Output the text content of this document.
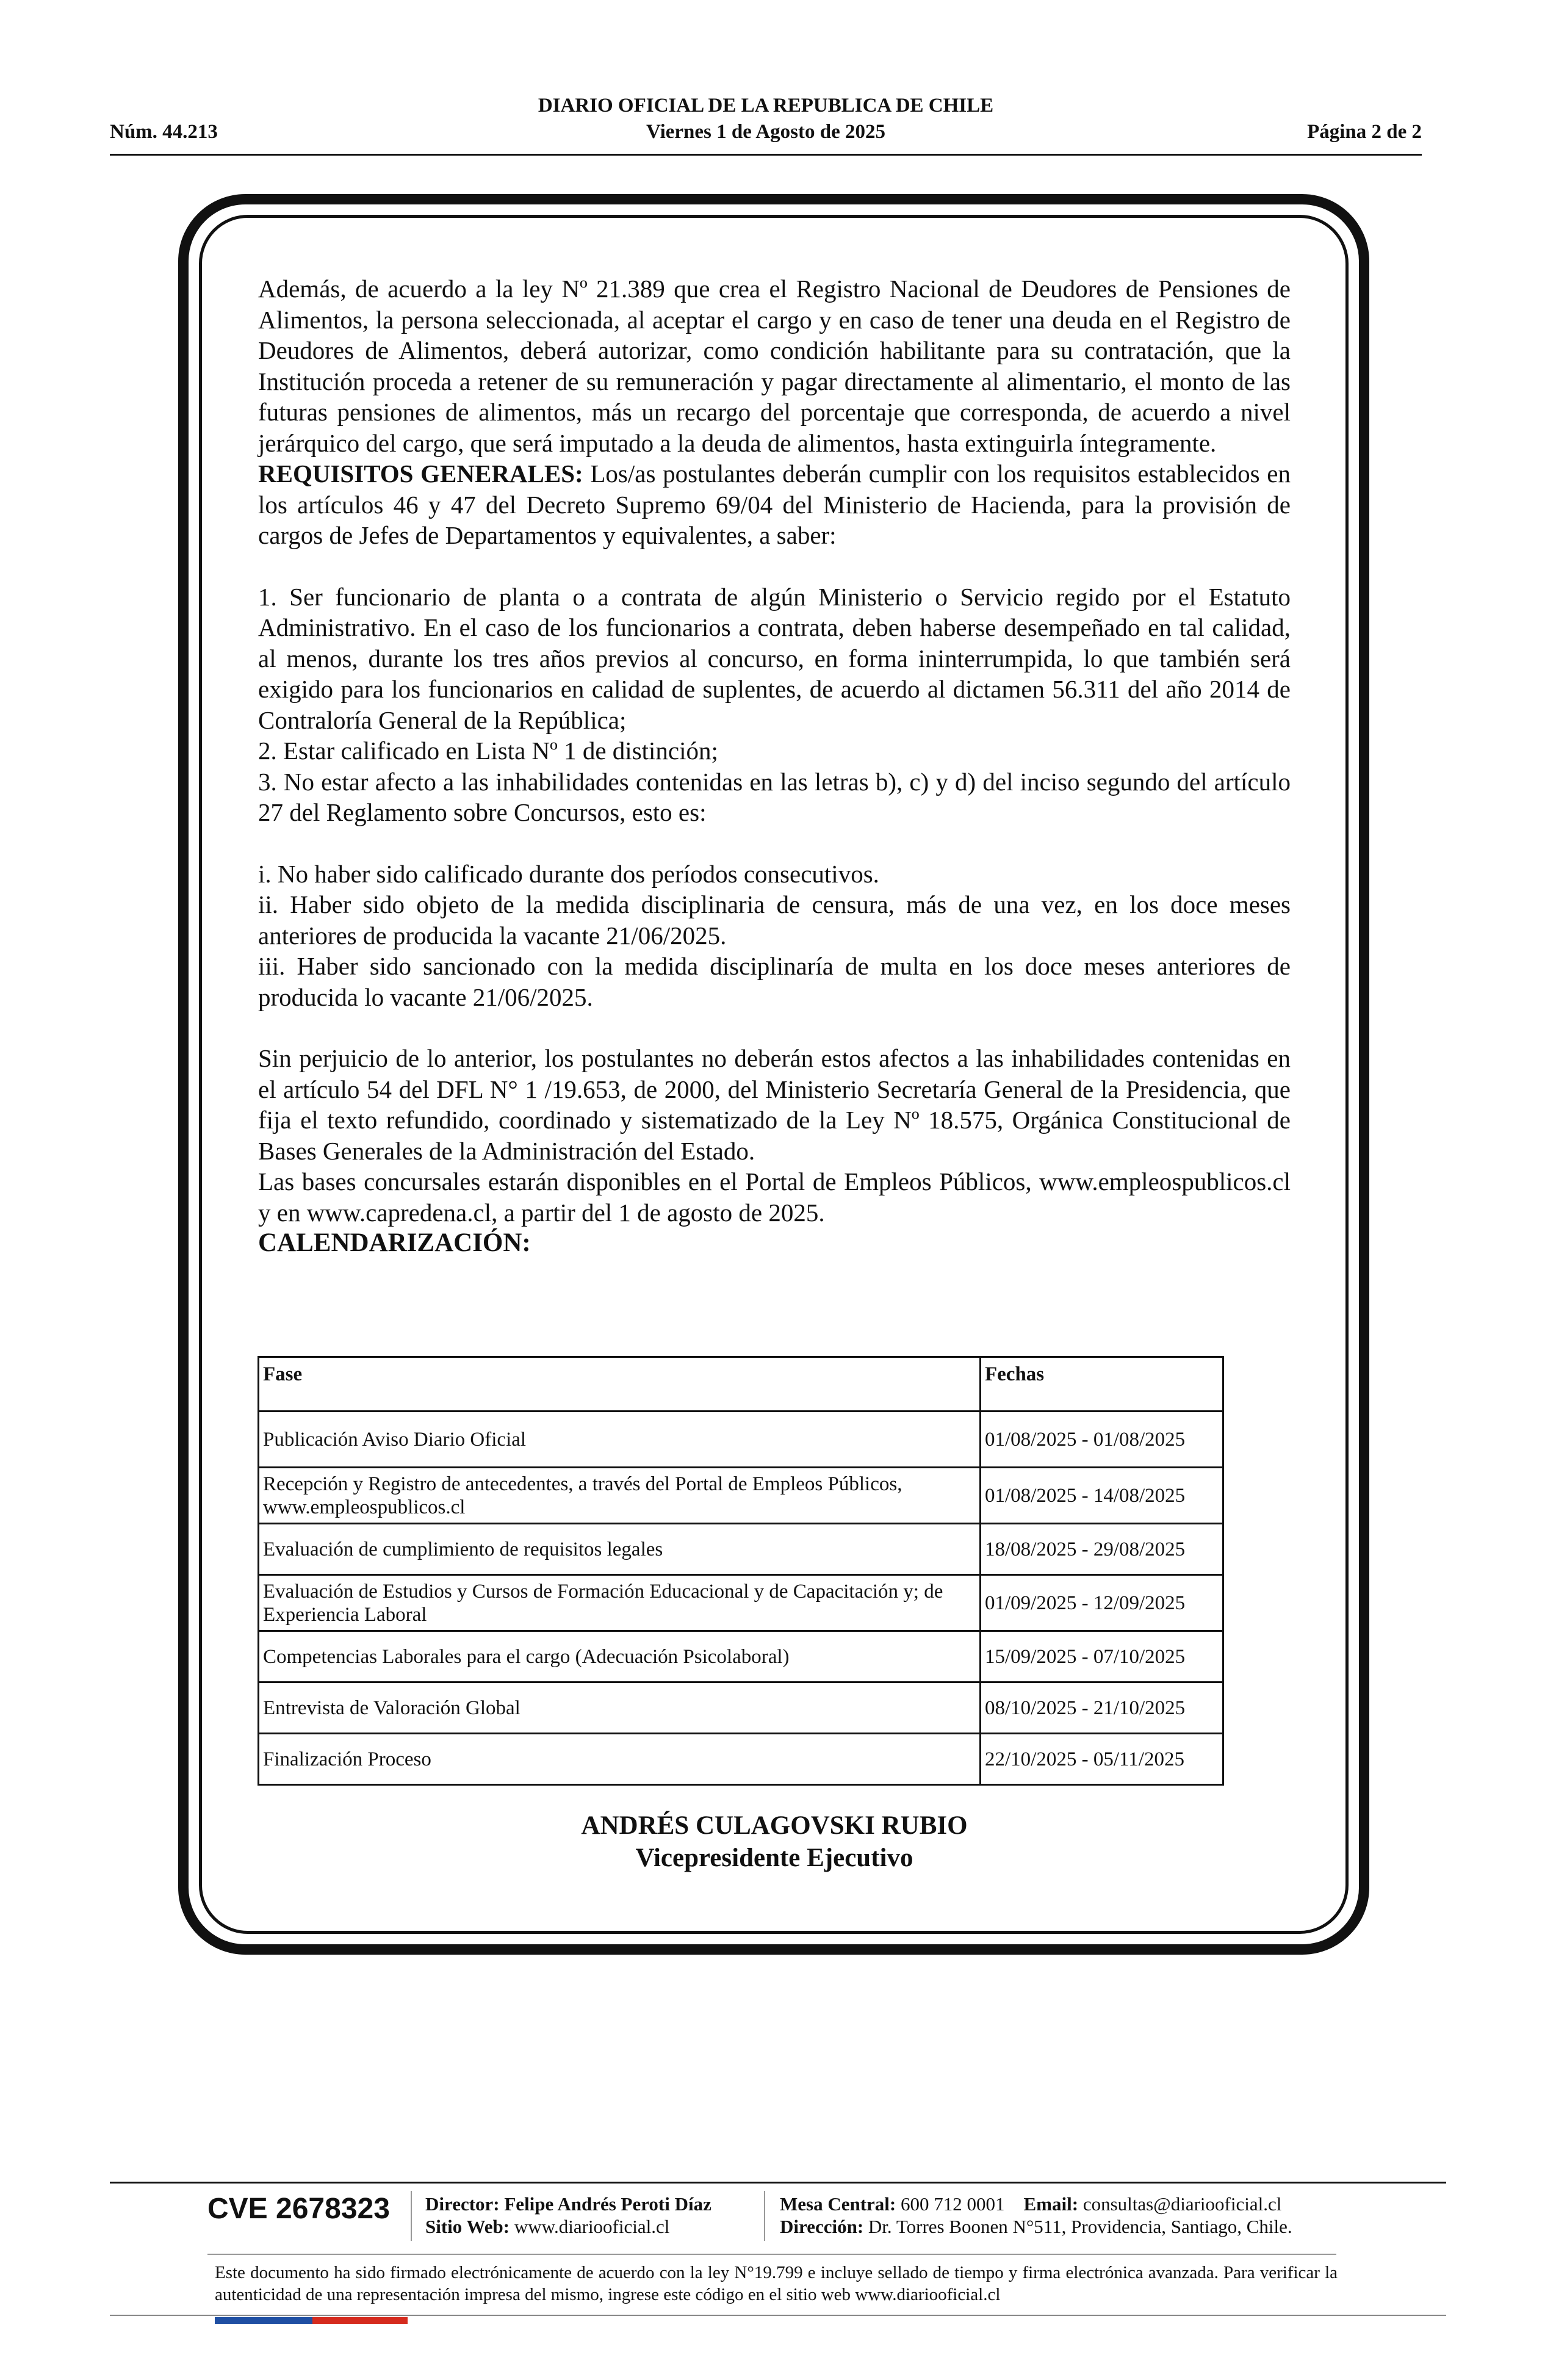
DIARIO OFICIAL DE LA REPUBLICA DE CHILE
Núm. 44.213	Viernes 1 de Agosto de 2025	Página 2 de 2

Además, de acuerdo a la ley Nº 21.389 que crea el Registro Nacional de Deudores de Pensiones de Alimentos, la persona seleccionada, al aceptar el cargo y en caso de tener una deuda en el Registro de Deudores de Alimentos, deberá autorizar, como condición habilitante para su contratación, que la Institución proceda a retener de su remuneración y pagar directamente al alimentario, el monto de las futuras pensiones de alimentos, más un recargo del porcentaje que corresponda, de acuerdo a nivel jerárquico del cargo, que será imputado a la deuda de alimentos, hasta extinguirla íntegramente.

REQUISITOS GENERALES: Los/as postulantes deberán cumplir con los requisitos establecidos en los artículos 46 y 47 del Decreto Supremo 69/04 del Ministerio de Hacienda, para la provisión de cargos de Jefes de Departamentos y equivalentes, a saber:

1. Ser funcionario de planta o a contrata de algún Ministerio o Servicio regido por el Estatuto Administrativo. En el caso de los funcionarios a contrata, deben haberse desempeñado en tal calidad, al menos, durante los tres años previos al concurso, en forma ininterrumpida, lo que también será exigido para los funcionarios en calidad de suplentes, de acuerdo al dictamen 56.311 del año 2014 de Contraloría General de la República;

2. Estar calificado en Lista Nº 1 de distinción;

3. No estar afecto a las inhabilidades contenidas en las letras b), c) y d) del inciso segundo del artículo 27 del Reglamento sobre Concursos, esto es:

i. No haber sido calificado durante dos períodos consecutivos.

ii. Haber sido objeto de la medida disciplinaria de censura, más de una vez, en los doce meses anteriores de producida la vacante 21/06/2025.

iii. Haber sido sancionado con la medida disciplinaría de multa en los doce meses anteriores de producida lo vacante 21/06/2025.

Sin perjuicio de lo anterior, los postulantes no deberán estos afectos a las inhabilidades contenidas en el artículo 54 del DFL N° 1 /19.653, de 2000, del Ministerio Secretaría General de la Presidencia, que fija el texto refundido, coordinado y sistematizado de la Ley Nº 18.575, Orgánica Constitucional de Bases Generales de la Administración del Estado.

Las bases concursales estarán disponibles en el Portal de Empleos Públicos, www.empleospublicos.cl y en www.capredena.cl, a partir del 1 de agosto de 2025.

CALENDARIZACIÓN:
Fase	Fechas
Publicación Aviso Diario Oficial	01/08/2025 - 01/08/2025
Recepción y Registro de antecedentes, a través del Portal de Empleos Públicos, www.empleospublicos.cl	01/08/2025 - 14/08/2025
Evaluación de cumplimiento de requisitos legales	18/08/2025 - 29/08/2025
Evaluación de Estudios y Cursos de Formación Educacional y de Capacitación y; de Experiencia Laboral	01/09/2025 - 12/09/2025
Competencias Laborales para el cargo (Adecuación Psicolaboral)	15/09/2025 - 07/10/2025
Entrevista de Valoración Global	08/10/2025 - 21/10/2025
Finalización Proceso	22/10/2025 - 05/11/2025
ANDRÉS CULAGOVSKI RUBIO
Vicepresidente Ejecutivo
CVE 2678323 Director: Felipe Andrés Peroti Díaz
Sitio Web: www.diariooficial.cl
Mesa Central: 600 712 0001 Email: consultas@diariooficial.cl
Dirección: Dr. Torres Boonen N°511, Providencia, Santiago, Chile.
Este documento ha sido firmado electrónicamente de acuerdo con la ley N°19.799 e incluye sellado de tiempo y firma electrónica avanzada. Para verificar la autenticidad de una representación impresa del mismo, ingrese este código en el sitio web www.diariooficial.cl
